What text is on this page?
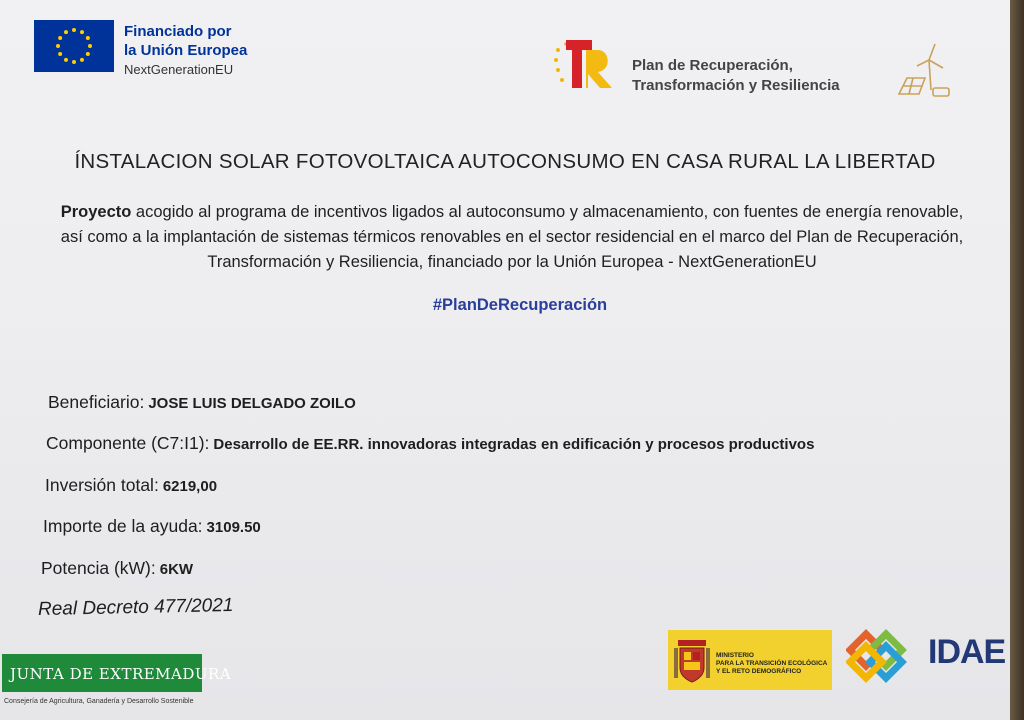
Financiado por
la Unión Europea
NextGenerationEU	Plan de Recuperación,
Transformación y Resiliencia
ÍNSTALACION SOLAR FOTOVOLTAICA AUTOCONSUMO EN CASA RURAL LA LIBERTAD
Proyecto acogido al programa de incentivos ligados al autoconsumo y almacenamiento, con fuentes de energía renovable, así como a la implantación de sistemas térmicos renovables en el sector residencial en el marco del Plan de Recuperación, Transformación y Resiliencia, financiado por la Unión Europea - NextGenerationEU
#PlanDeRecuperación
Beneficiario: JOSE LUIS DELGADO ZOILO
Componente (C7:I1): Desarrollo de EE.RR. innovadoras integradas en edificación y procesos productivos
Inversión total: 6219,00
Importe de la ayuda: 3109.50
Potencia (kW): 6KW
Real Decreto 477/2021
JUNTA DE EXTREMADURA
Consejería de Agricultura, Ganadería y Desarrollo Sostenible
MINISTERIO
PARA LA TRANSICIÓN ECOLÓGICA
Y EL RETO DEMOGRÁFICO
IDAE
